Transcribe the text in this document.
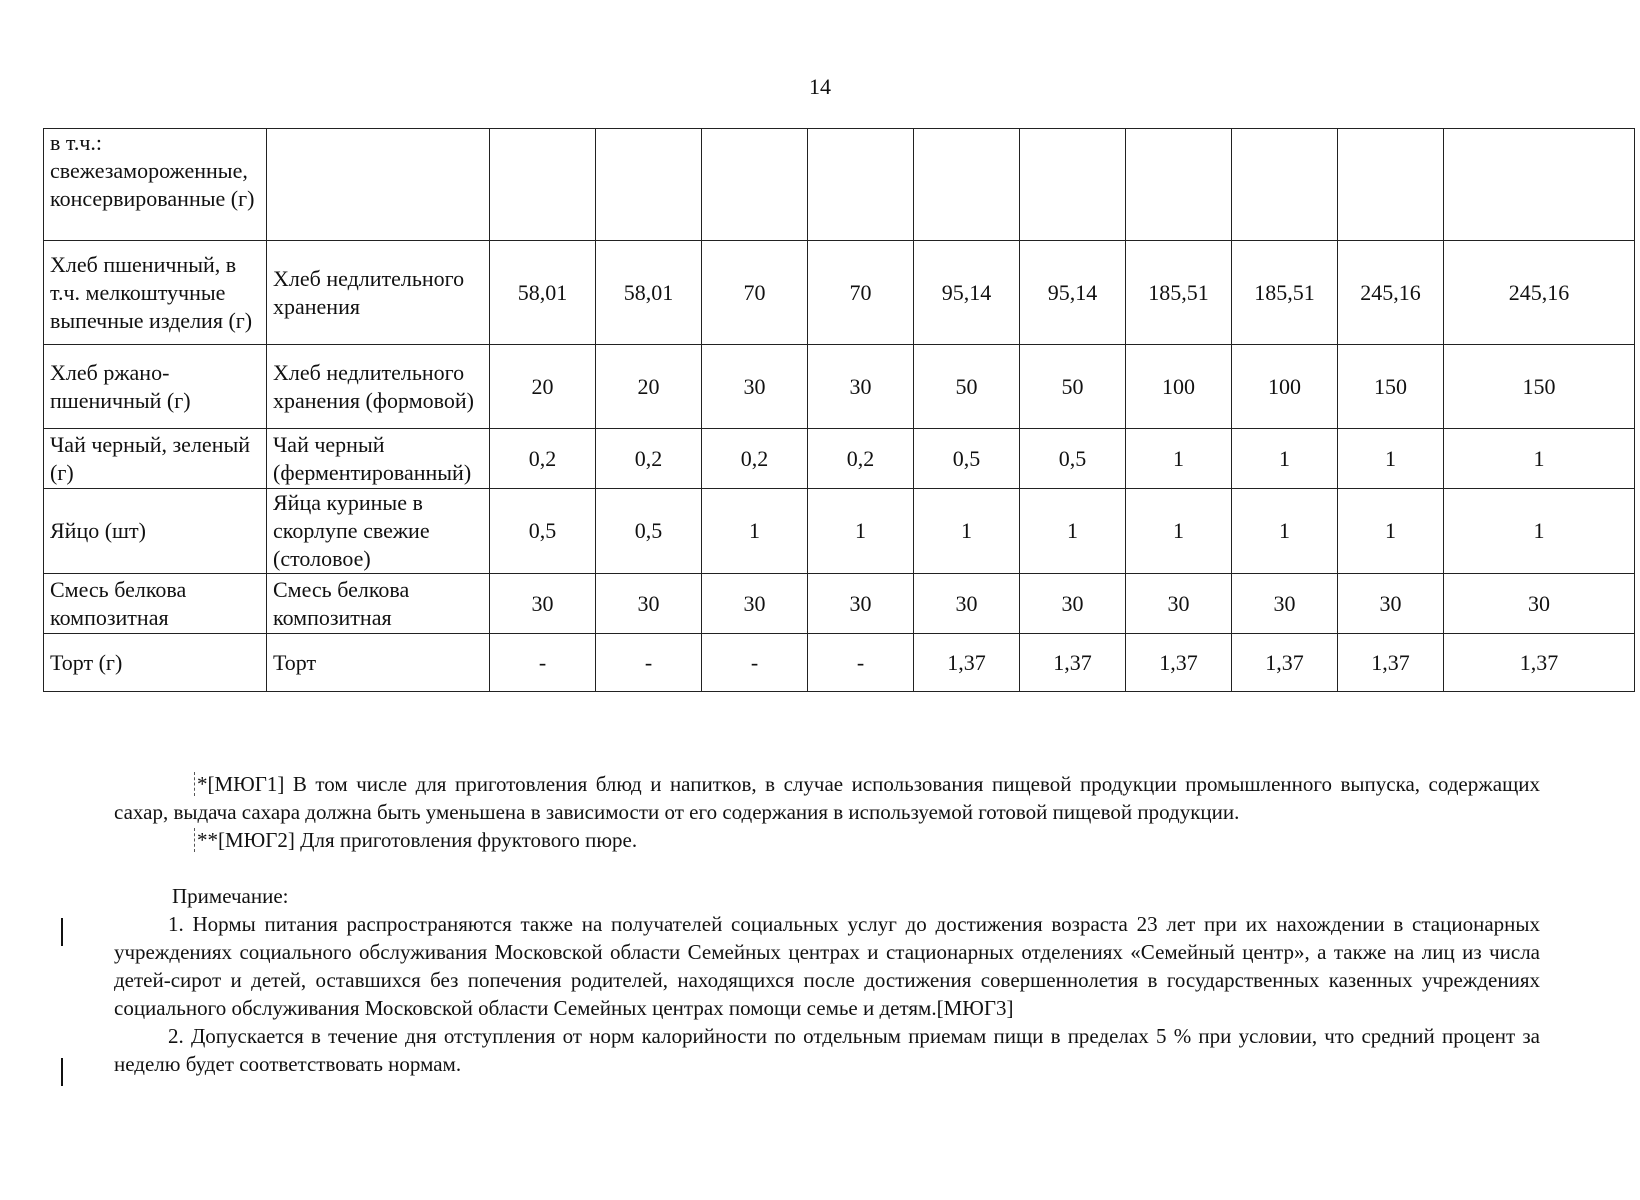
14
в т.ч.: свежезамороженные, консервированные (г)											
Хлеб пшеничный, в т.ч. мелкоштучные выпечные изделия (г)	Хлеб недлительного хранения	58,01	58,01	70	70	95,14	95,14	185,51	185,51	245,16	245,16
Хлеб ржано-пшеничный (г)	Хлеб недлительного хранения (формовой)	20	20	30	30	50	50	100	100	150	150
Чай черный, зеленый (г)	Чай черный (ферментированный)	0,2	0,2	0,2	0,2	0,5	0,5	1	1	1	1
Яйцо (шт)	Яйца куриные в скорлупе свежие (столовое)	0,5	0,5	1	1	1	1	1	1	1	1
Смесь белкова композитная	Смесь белкова композитная	30	30	30	30	30	30	30	30	30	30
Торт (г)	Торт	-	-	-	-	1,37	1,37	1,37	1,37	1,37	1,37

*[МЮГ1] В том числе для приготовления блюд и напитков, в случае использования пищевой продукции промышленного выпуска, содержащих сахар, выдача сахара должна быть уменьшена в зависимости от его содержания в используемой готовой пищевой продукции.

**[МЮГ2] Для приготовления фруктового пюре.

Примечание:

1. Нормы питания распространяются также на получателей социальных услуг до достижения возраста 23 лет при их нахождении в стационарных учреждениях социального обслуживания Московской области Семейных центрах и стационарных отделениях «Семейный центр», а также на лиц из числа детей-сирот и детей, оставшихся без попечения родителей, находящихся после достижения совершеннолетия в государственных казенных учреждениях социального обслуживания Московской области Семейных центрах помощи семье и детям.[МЮГ3]

2. Допускается в течение дня отступления от норм калорийности по отдельным приемам пищи в пределах 5 % при условии, что средний процент за неделю будет соответствовать нормам.
